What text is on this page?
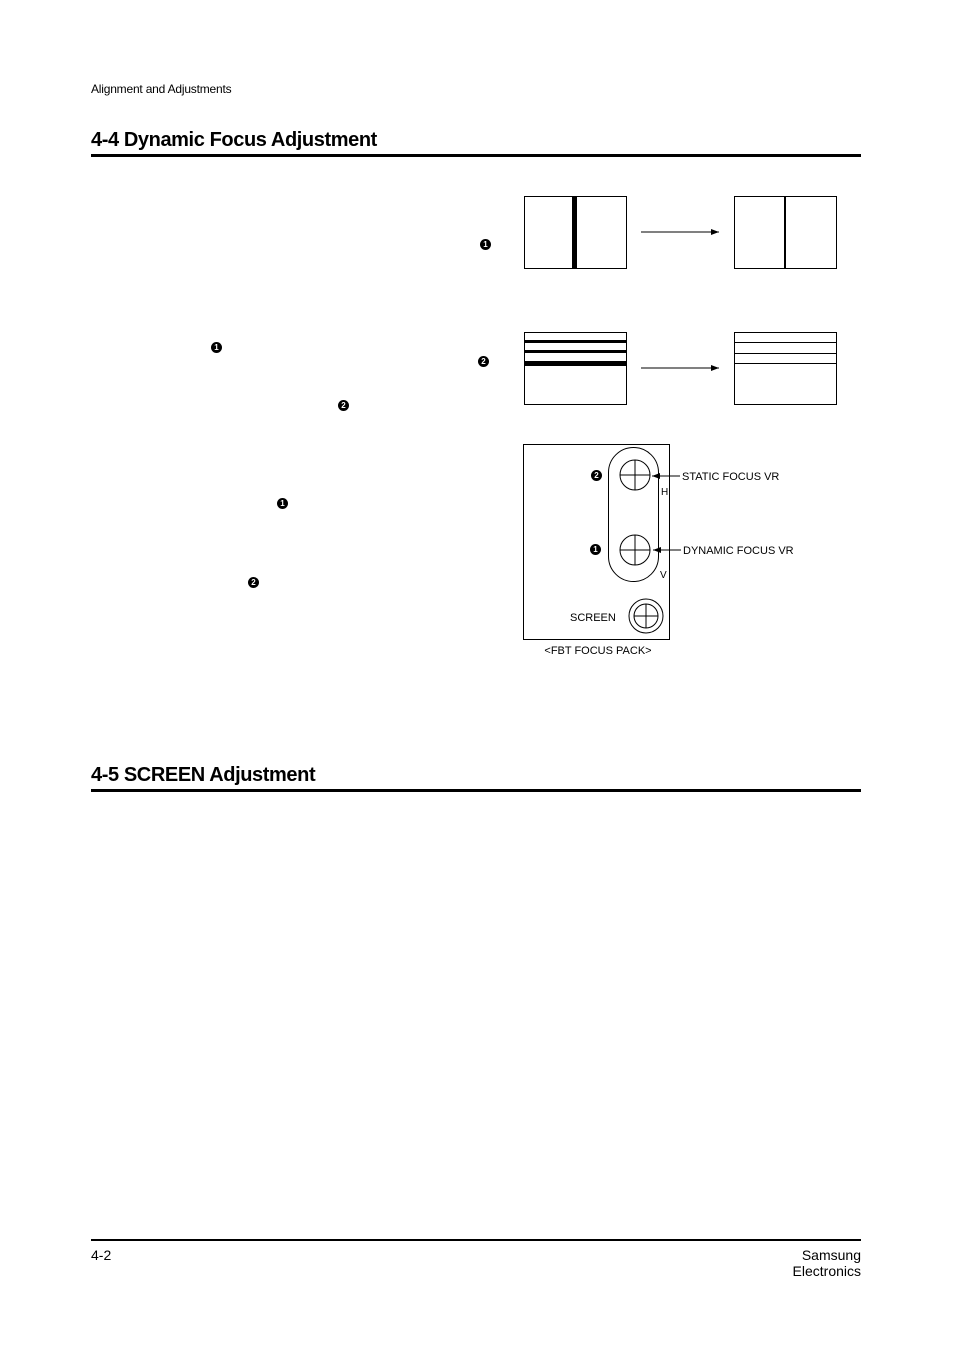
Alignment and Adjustments
4-4 Dynamic Focus Adjustment
1
2
1
2
1
2
2
1
STATIC FOCUS VR
H
DYNAMIC FOCUS VR
V
SCREEN
<FBT FOCUS PACK>
4-5 SCREEN Adjustment
4-2	Samsung Electronics
